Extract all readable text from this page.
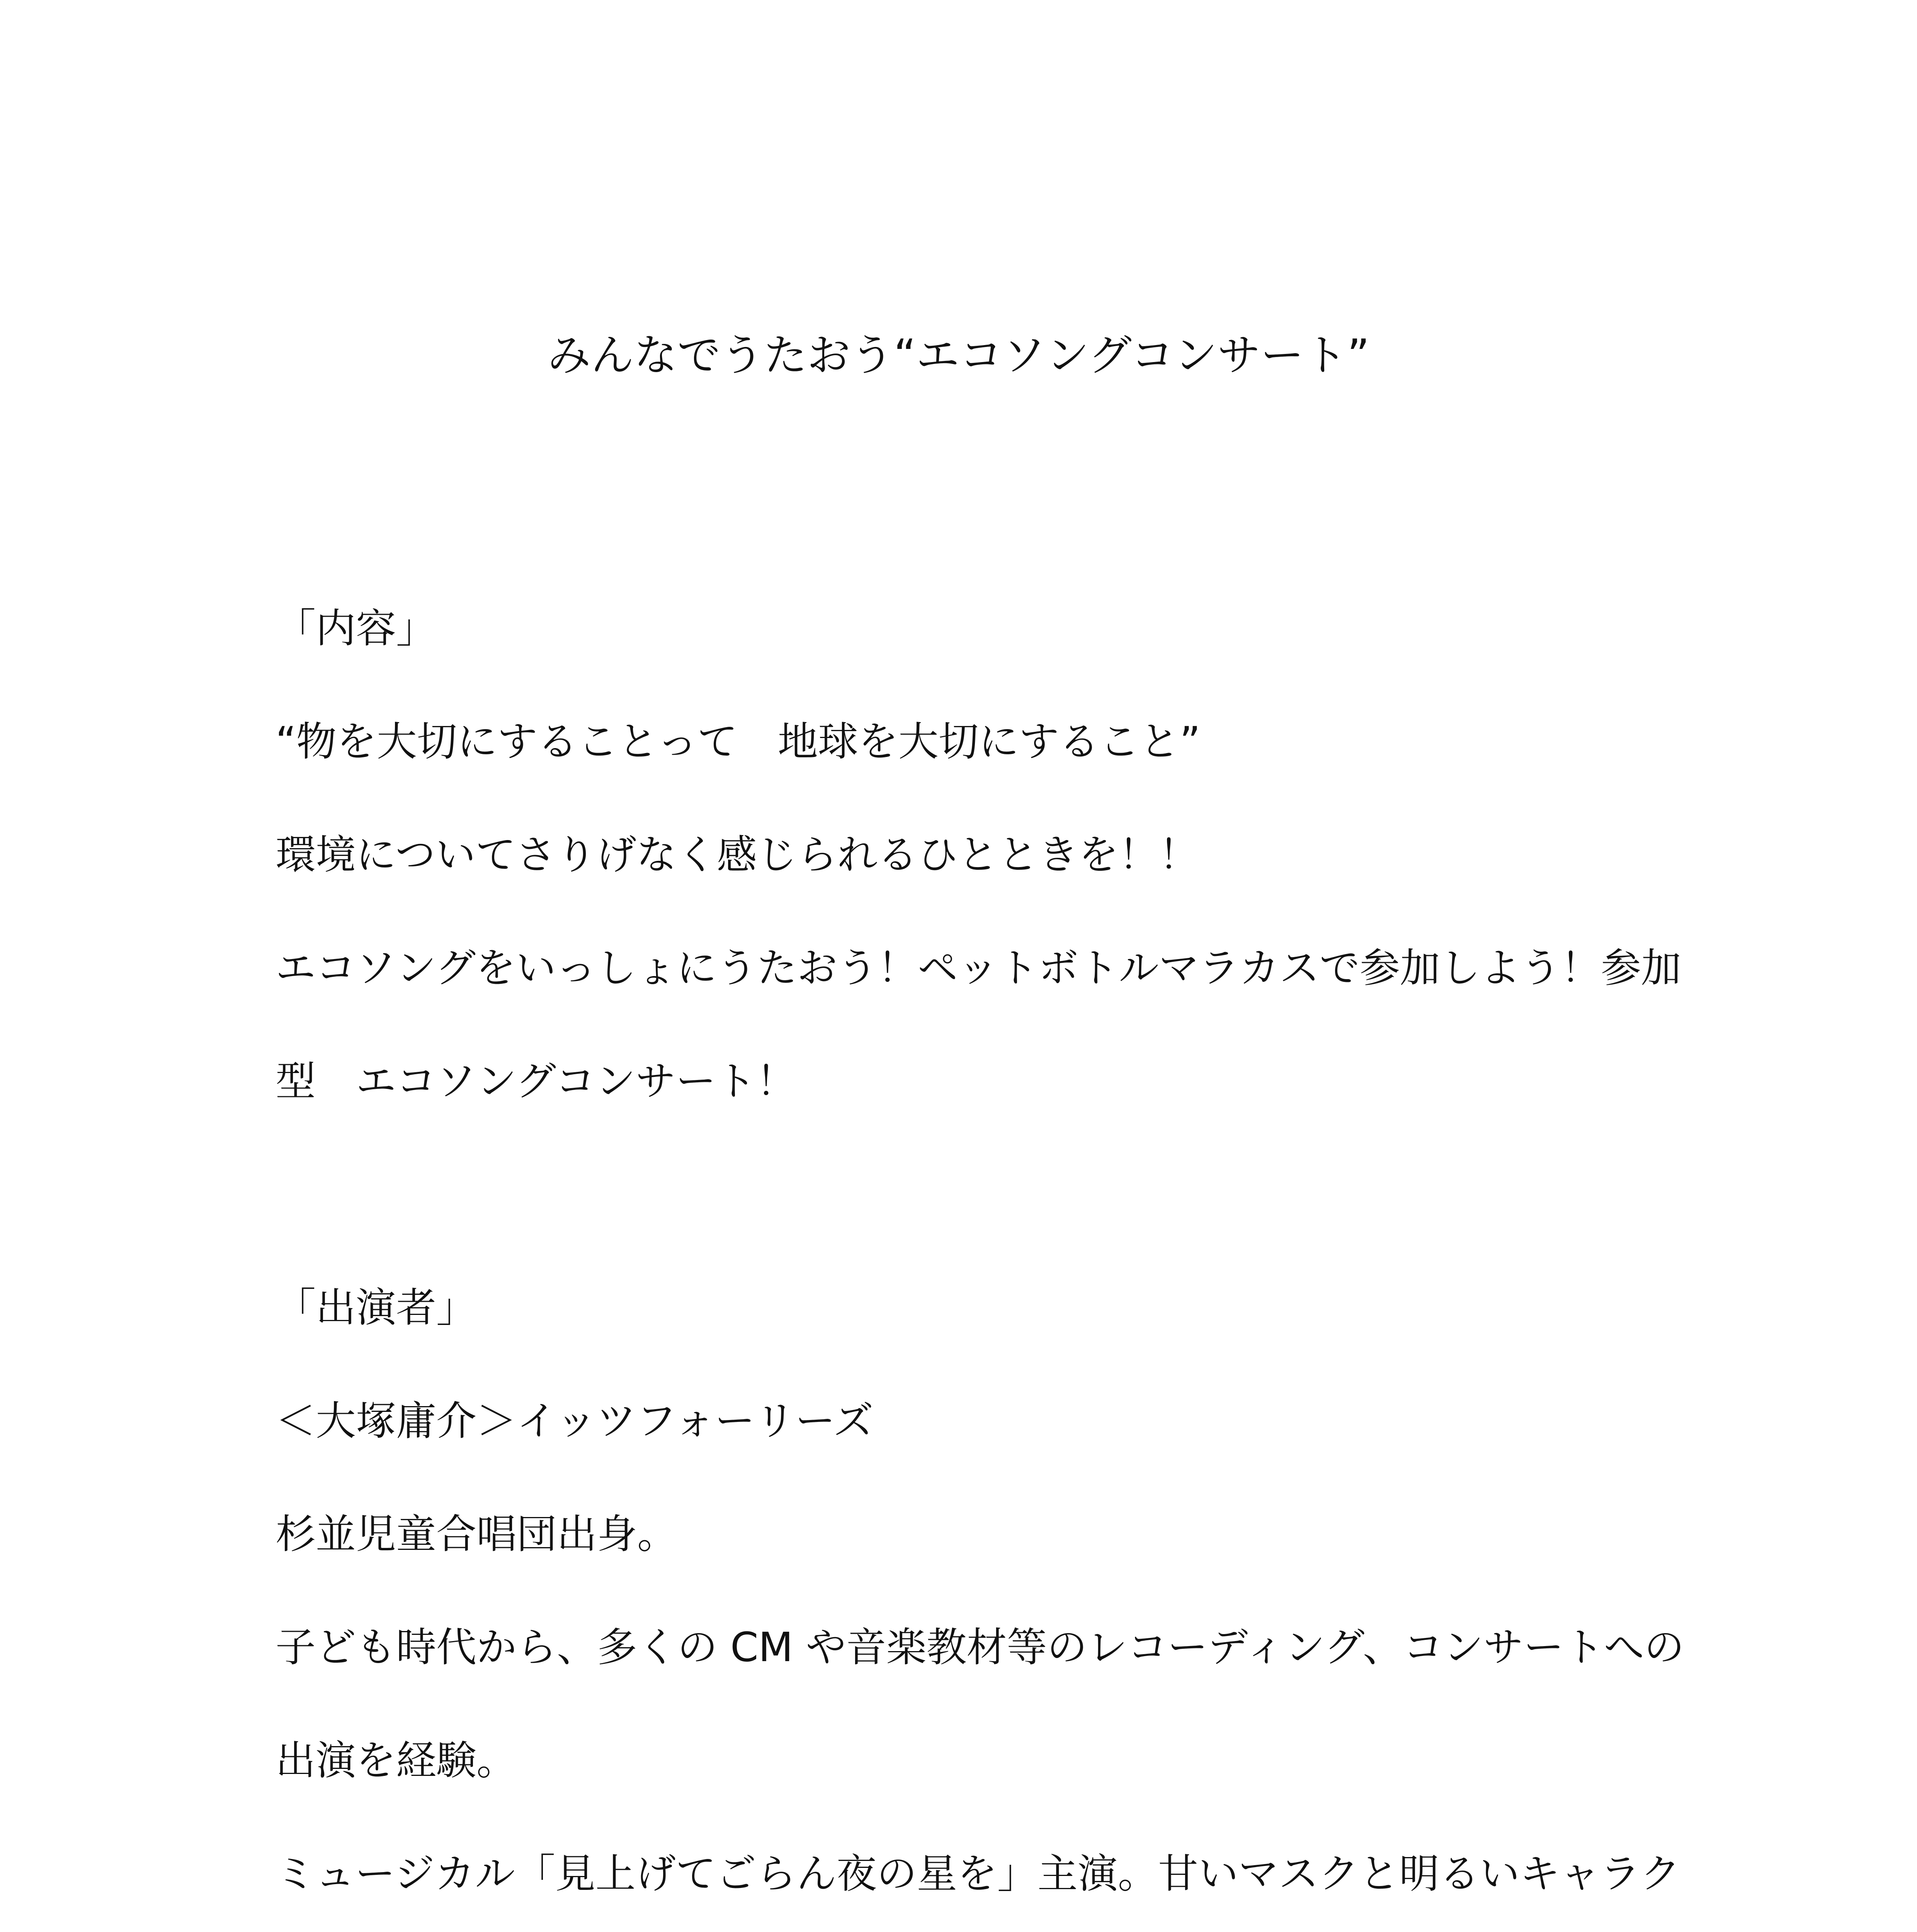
みんなでうたおう“エコソングコンサート”
「内容」
“物を大切にすることって　地球を大切にすること”
環境についてさりげなく感じられるひとときを！！
エコソングをいっしょにうたおう！ペットボトルマラカスで参加しよう！参加
型　エコソングコンサート！
「出演者」
＜大塚庸介＞イッツフォーリーズ
杉並児童合唱団出身。
子ども時代から、多くの CM や音楽教材等のレコーディング、コンサートへの
出演を経験。
ミュージカル「見上げてごらん夜の星を」主演。甘いマスクと明るいキャラク
